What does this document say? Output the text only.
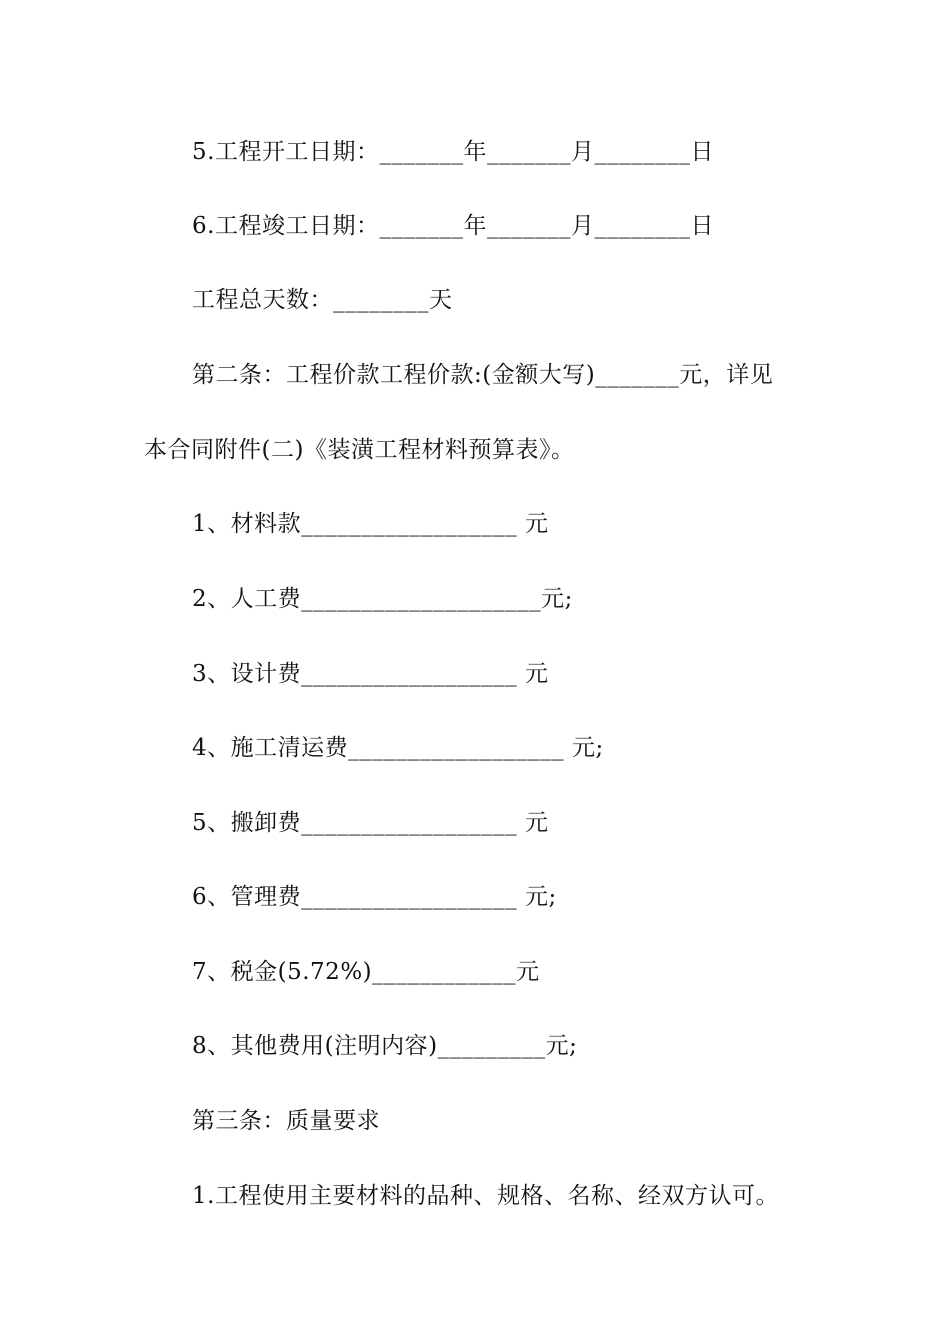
5.工程开工日期：_______年_______月________日
6.工程竣工日期：_______年_______月________日
工程总天数：________天
第二条：工程价款工程价款:(金额大写)_______元，详见
本合同附件(二)《装潢工程材料预算表》。
1、材料款__________________ 元
2、人工费____________________元;
3、设计费__________________ 元
4、施工清运费__________________ 元;
5、搬卸费__________________ 元
6、管理费__________________ 元;
7、税金(5.72%)____________元
8、其他费用(注明内容)_________元;
第三条：质量要求
1.工程使用主要材料的品种、规格、名称、经双方认可。
